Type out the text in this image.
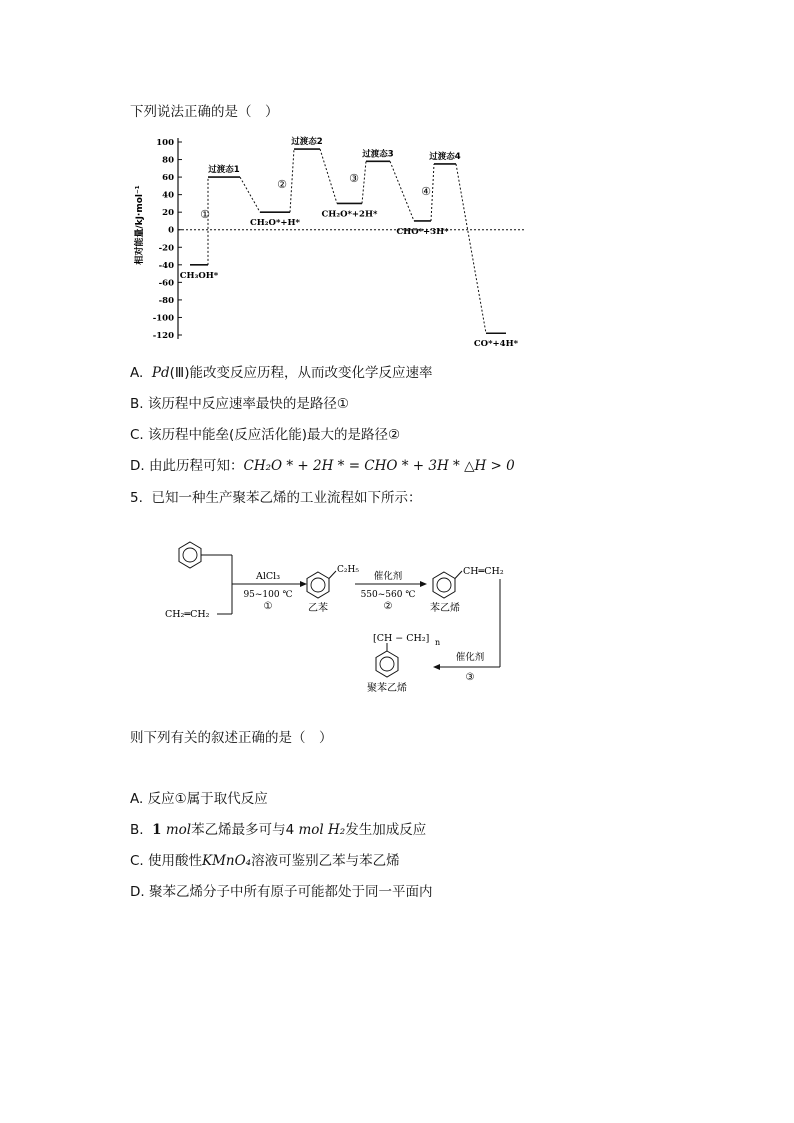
下列说法正确的是（　）
100
80
60
40
20
0
-20
-40
-60
-80
-100
-120
CH₃OH*
过渡态1
CH₂O*+H*
过渡态2
CH₂O*+2H*
过渡态3
CHO*+3H*
过渡态4
CO*+4H*
①
②	③
④
相对能量/kJ·mol⁻¹
A. Pd(Ⅲ)能改变反应历程，从而改变化学反应速率
B. 该历程中反应速率最快的是路径①
C. 该历程中能垒(反应活化能)最大的是路径②
D. 由此历程可知：CH₂O * + 2H * = CHO * + 3H * △H > 0
5. 已知一种生产聚苯乙烯的工业流程如下所示：
CH₂═CH₂
AlCl₃
95~100 ℃
①
C₂H₅
乙苯
催化剂
550~560 ℃
②
CH═CH₂
苯乙烯
催化剂
③
[CH − CH₂] n
聚苯乙烯
则下列有关的叙述正确的是（　）
A. 反应①属于取代反应
B. 1 mol苯乙烯最多可与4 mol H₂发生加成反应
C. 使用酸性KMnO₄溶液可鉴别乙苯与苯乙烯
D. 聚苯乙烯分子中所有原子可能都处于同一平面内
